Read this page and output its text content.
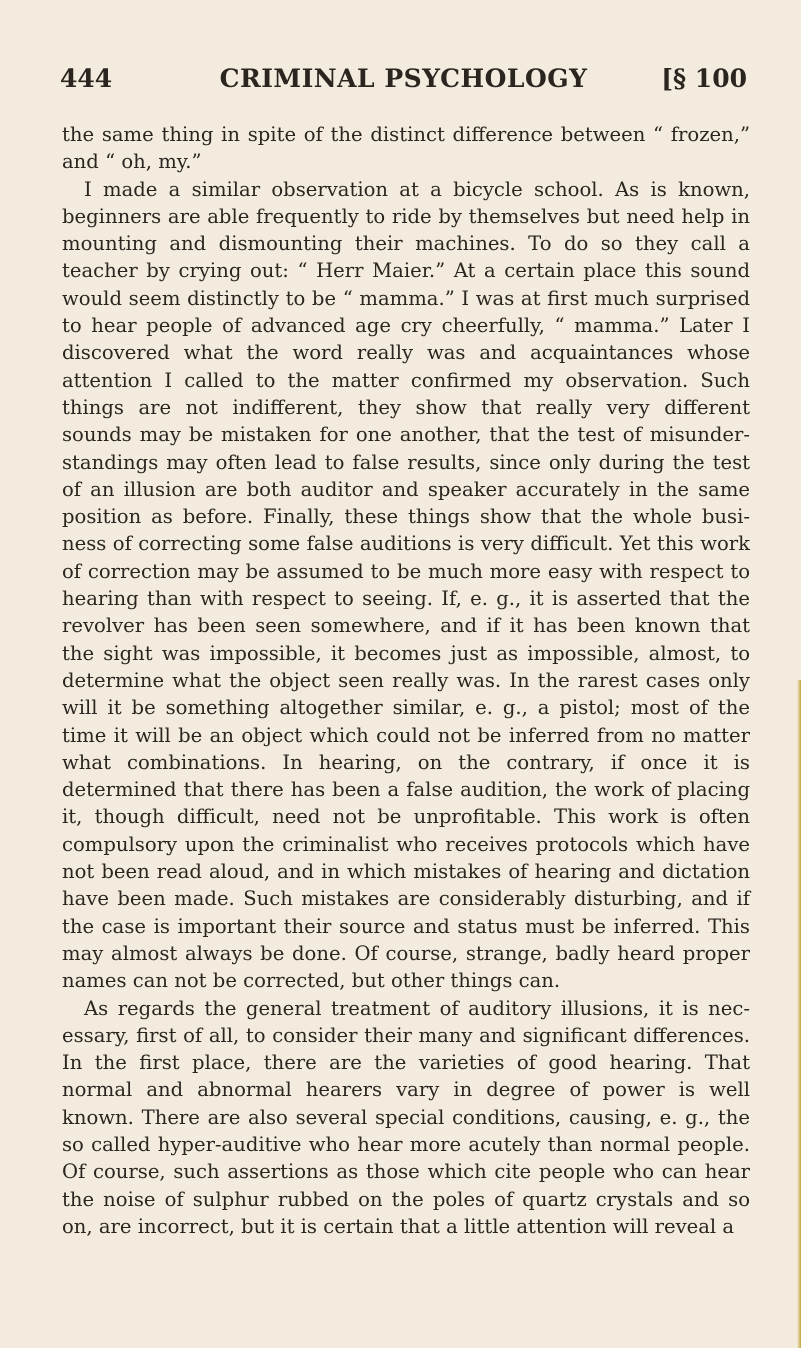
444	CRIMINAL PSYCHOLOGY	[§ 100

the same thing in spite of the distinct difference between “ frozen,” and “ oh, my.”

I made a similar observation at a bicycle school. As is known, beginners are able frequently to ride by themselves but need help in mounting and dismounting their machines. To do so they call a teacher by crying out: “ Herr Maier.” At a certain place this sound would seem distinctly to be “ mamma.” I was at first much surprised to hear people of advanced age cry cheerfully, “ mamma.” Later I discovered what the word really was and acquaintances whose attention I called to the matter confirmed my observation. Such things are not indifferent, they show that really very different sounds may be mistaken for one another, that the test of misunder-standings may often lead to false results, since only during the test of an illusion are both auditor and speaker accurately in the same position as before. Finally, these things show that the whole busi-ness of correcting some false auditions is very difficult. Yet this work of correction may be assumed to be much more easy with respect to hearing than with respect to seeing. If, e. g., it is asserted that the revolver has been seen somewhere, and if it has been known that the sight was impossible, it becomes just as impossible, almost, to determine what the object seen really was. In the rarest cases only will it be something altogether similar, e. g., a pistol; most of the time it will be an object which could not be inferred from no matter what combinations. In hearing, on the contrary, if once it is determined that there has been a false audition, the work of placing it, though difficult, need not be unprofitable. This work is often compulsory upon the criminalist who receives protocols which have not been read aloud, and in which mistakes of hearing and dictation have been made. Such mistakes are considerably disturbing, and if the case is important their source and status must be inferred. This may almost always be done. Of course, strange, badly heard proper names can not be corrected, but other things can.

As regards the general treatment of auditory illusions, it is nec-essary, first of all, to consider their many and significant differences. In the first place, there are the varieties of good hearing. That normal and abnormal hearers vary in degree of power is well known. There are also several special conditions, causing, e. g., the so called hyper-auditive who hear more acutely than normal people. Of course, such assertions as those which cite people who can hear the noise of sulphur rubbed on the poles of quartz crystals and so on, are incorrect, but it is certain that a little attention will reveal a
